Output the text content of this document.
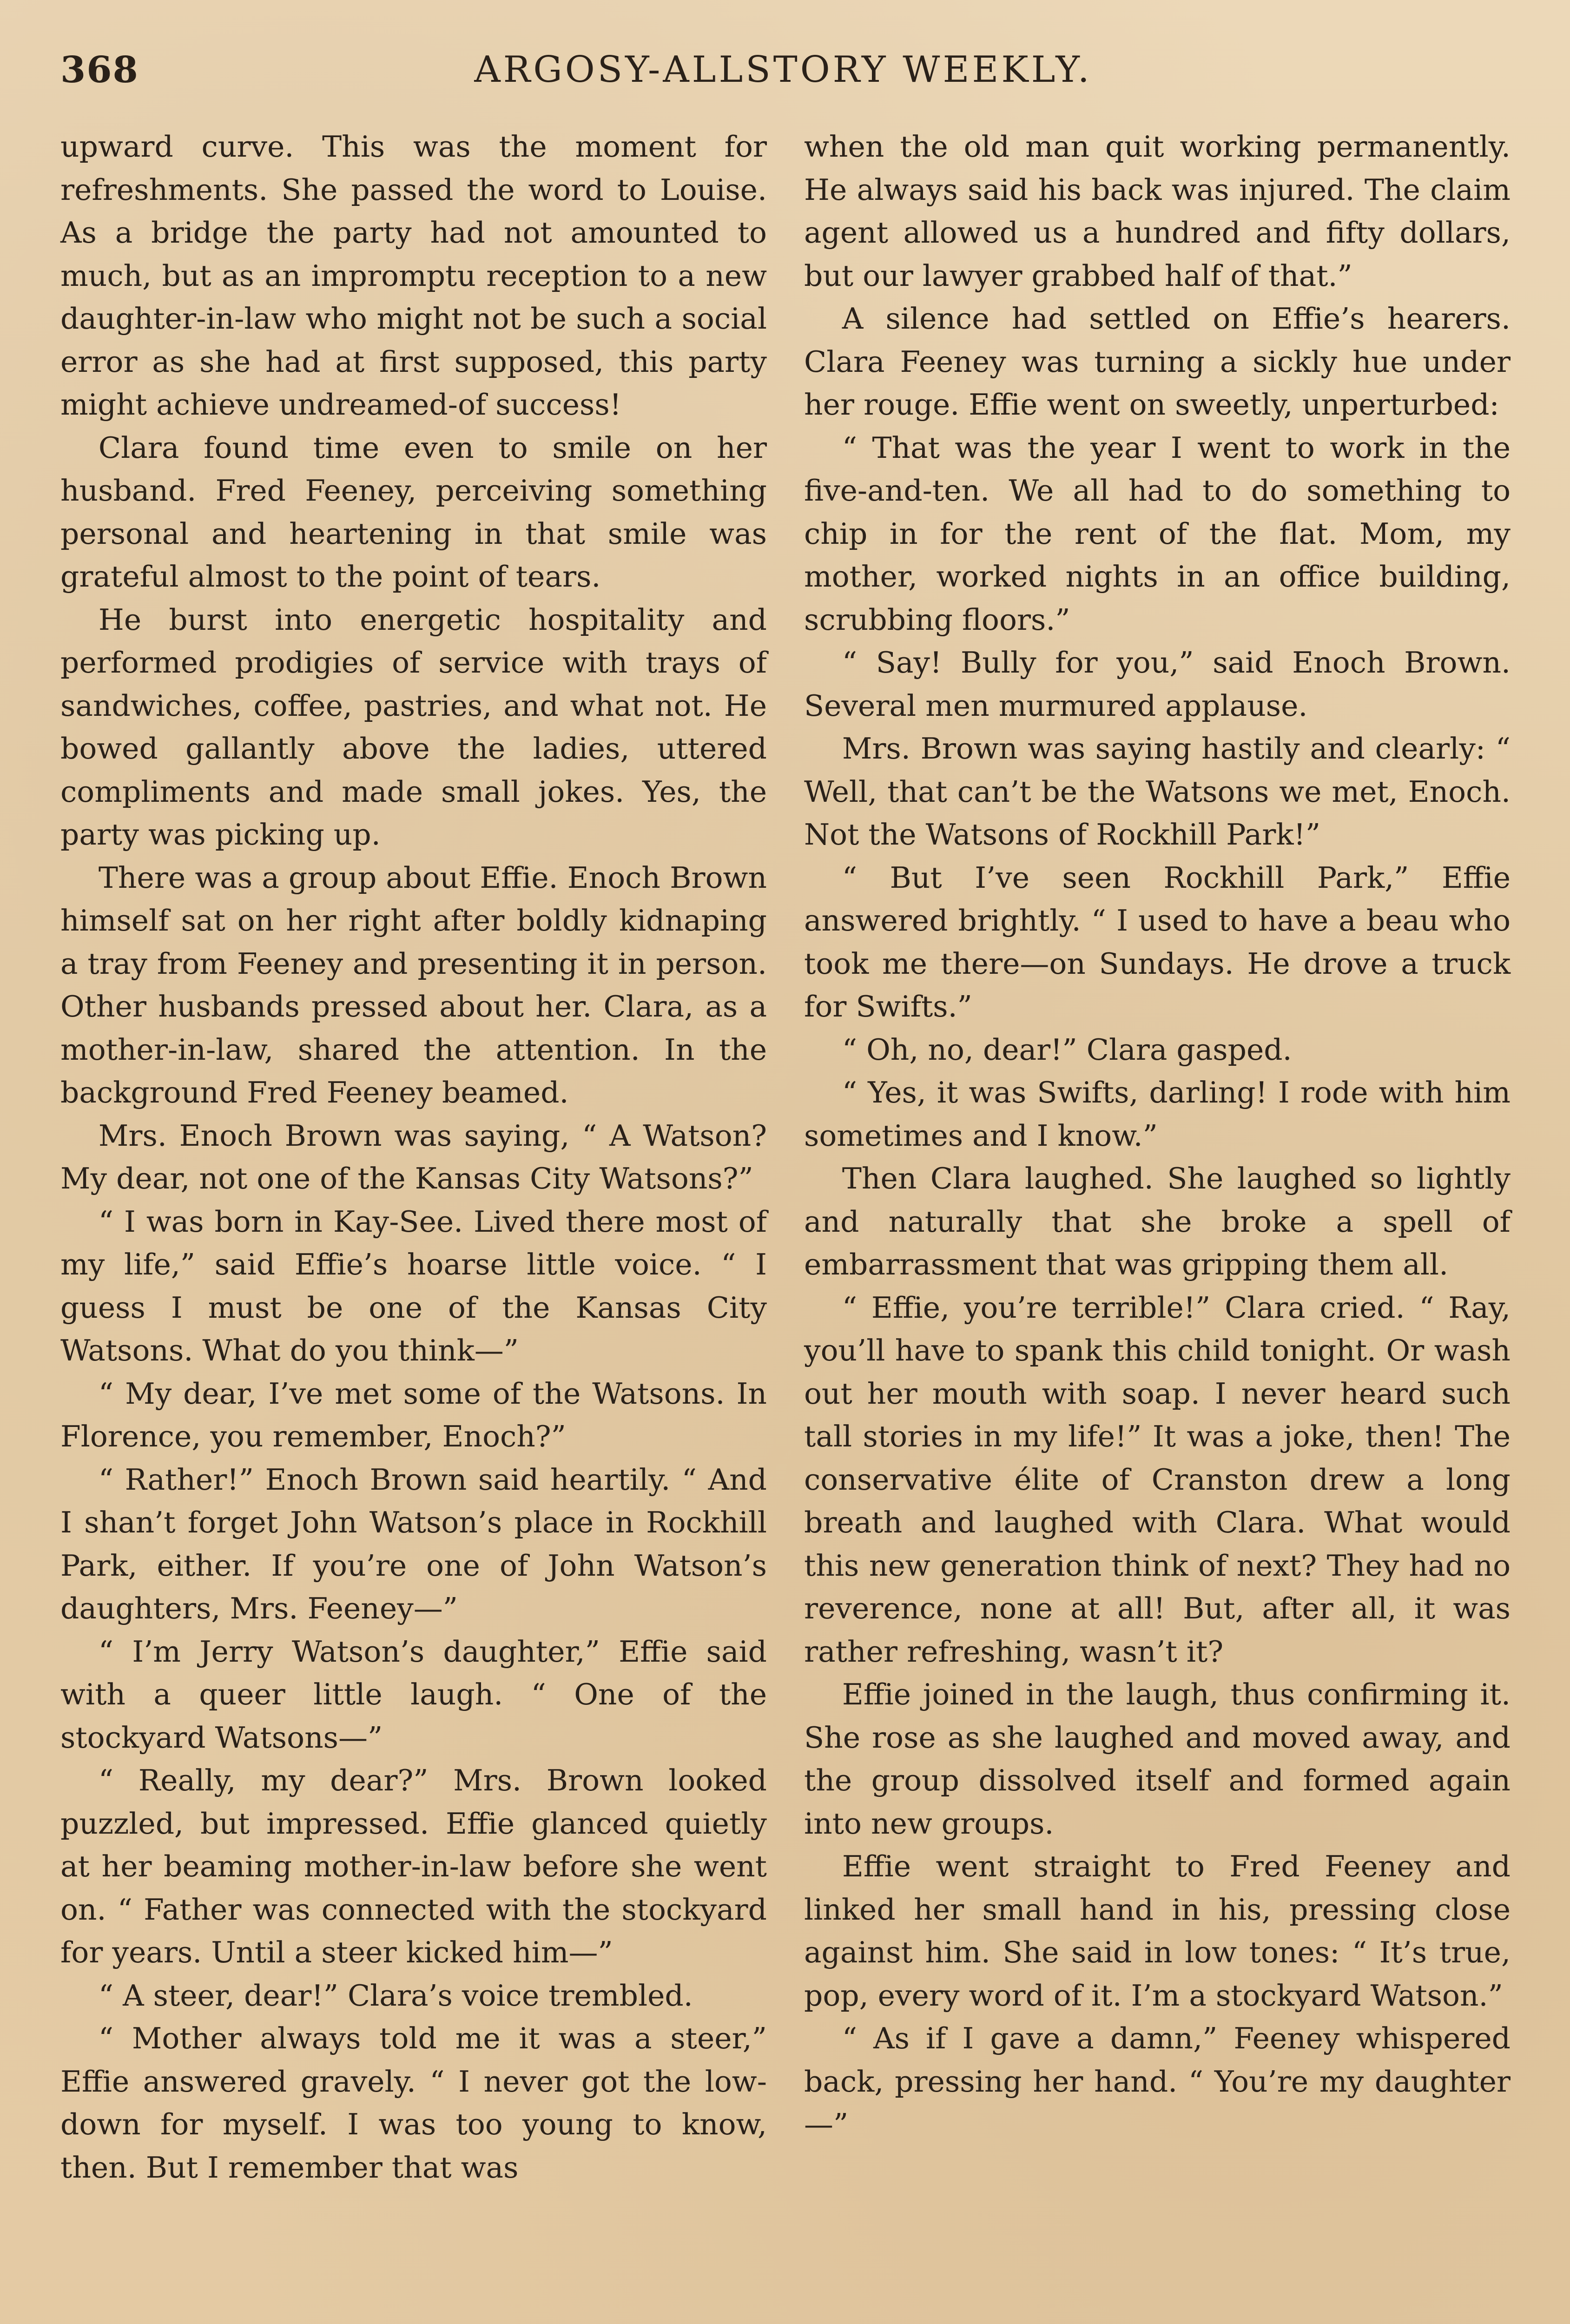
368	ARGOSY-ALLSTORY WEEKLY.

upward curve. This was the moment for refreshments. She passed the word to Louise. As a bridge the party had not amounted to much, but as an impromptu reception to a new daughter-in-law who might not be such a social error as she had at first supposed, this party might achieve undreamed-of success!

Clara found time even to smile on her husband. Fred Feeney, perceiving something personal and heartening in that smile was grateful almost to the point of tears.

He burst into energetic hospitality and performed prodigies of service with trays of sandwiches, coffee, pastries, and what not. He bowed gallantly above the ladies, uttered compliments and made small jokes. Yes, the party was picking up.

There was a group about Effie. Enoch Brown himself sat on her right after boldly kidnaping a tray from Feeney and presenting it in person. Other husbands pressed about her. Clara, as a mother-in-law, shared the attention. In the background Fred Feeney beamed.

Mrs. Enoch Brown was saying, “ A Watson? My dear, not one of the Kansas City Watsons?”

“ I was born in Kay-See. Lived there most of my life,” said Effie’s hoarse little voice. “ I guess I must be one of the Kansas City Watsons. What do you think—”

“ My dear, I’ve met some of the Watsons. In Florence, you remember, Enoch?”

“ Rather!” Enoch Brown said heartily. “ And I shan’t forget John Watson’s place in Rockhill Park, either. If you’re one of John Watson’s daughters, Mrs. Feeney—”

“ I’m Jerry Watson’s daughter,” Effie said with a queer little laugh. “ One of the stockyard Watsons—”

“ Really, my dear?” Mrs. Brown looked puzzled, but impressed. Effie glanced quietly at her beaming mother-in-law before she went on. “ Father was connected with the stockyard for years. Until a steer kicked him—”

“ A steer, dear!” Clara’s voice trembled.

“ Mother always told me it was a steer,” Effie answered gravely. “ I never got the low-down for myself. I was too young to know, then. But I remember that was

when the old man quit working permanently. He always said his back was injured. The claim agent allowed us a hundred and fifty dollars, but our lawyer grabbed half of that.”

A silence had settled on Effie’s hearers. Clara Feeney was turning a sickly hue under her rouge. Effie went on sweetly, unperturbed:

“ That was the year I went to work in the five-and-ten. We all had to do something to chip in for the rent of the flat. Mom, my mother, worked nights in an office building, scrubbing floors.”

“ Say! Bully for you,” said Enoch Brown. Several men murmured applause.

Mrs. Brown was saying hastily and clearly: “ Well, that can’t be the Watsons we met, Enoch. Not the Watsons of Rockhill Park!”

“ But I’ve seen Rockhill Park,” Effie answered brightly. “ I used to have a beau who took me there—on Sundays. He drove a truck for Swifts.”

“ Oh, no, dear!” Clara gasped.

“ Yes, it was Swifts, darling! I rode with him sometimes and I know.”

Then Clara laughed. She laughed so lightly and naturally that she broke a spell of embarrassment that was gripping them all.

“ Effie, you’re terrible!” Clara cried. “ Ray, you’ll have to spank this child tonight. Or wash out her mouth with soap. I never heard such tall stories in my life!” It was a joke, then! The conservative élite of Cranston drew a long breath and laughed with Clara. What would this new generation think of next? They had no reverence, none at all! But, after all, it was rather refreshing, wasn’t it?

Effie joined in the laugh, thus confirming it. She rose as she laughed and moved away, and the group dissolved itself and formed again into new groups.

Effie went straight to Fred Feeney and linked her small hand in his, pressing close against him. She said in low tones: “ It’s true, pop, every word of it. I’m a stockyard Watson.”

“ As if I gave a damn,” Feeney whispered back, pressing her hand. “ You’re my daughter—”
